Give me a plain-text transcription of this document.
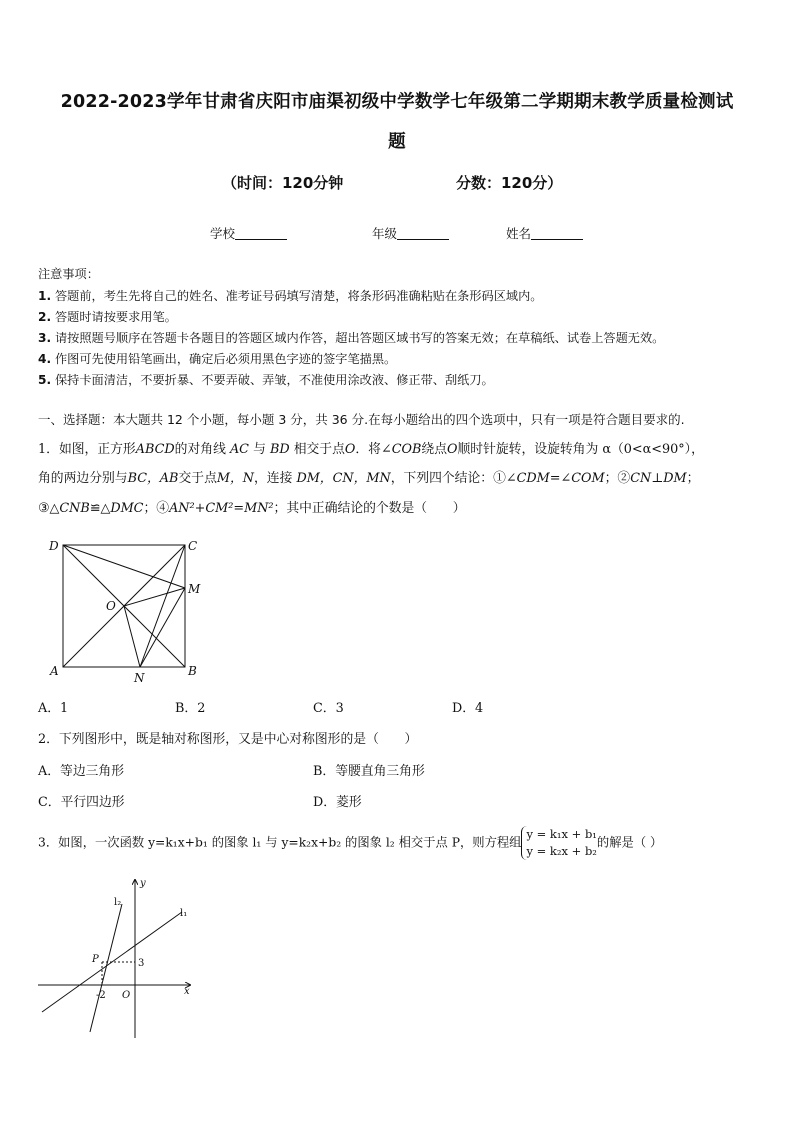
2022-2023学年甘肃省庆阳市庙渠初级中学数学七年级第二学期期末教学质量检测试
题
（时间：120分钟	分数：120分）
学校	年级	姓名
注意事项：
1. 答题前，考生先将自己的姓名、准考证号码填写清楚，将条形码准确粘贴在条形码区域内。
2. 答题时请按要求用笔。
3. 请按照题号顺序在答题卡各题目的答题区域内作答，超出答题区域书写的答案无效；在草稿纸、试卷上答题无效。
4. 作图可先使用铅笔画出，确定后必须用黑色字迹的签字笔描黑。
5. 保持卡面清洁，不要折暴、不要弄破、弄皱，不准使用涂改液、修正带、刮纸刀。
一、选择题：本大题共 12 个小题，每小题 3 分，共 36 分.在每小题给出的四个选项中，只有一项是符合题目要求的.
1．如图，正方形ABCD的对角线 AC 与 BD 相交于点O．将∠COB绕点O顺时针旋转，设旋转角为 α（0<α<90°），
角的两边分别与BC，AB交于点M，N，连接 DM，CN，MN，下列四个结论：①∠CDM=∠COM；②CN⊥DM；
③△CNB≌△DMC；④AN²+CM²=MN²；其中正确结论的个数是（　　）
D	C
M
O
A	N	B
A．1	B．2	C．3	D．4
2．下列图形中，既是轴对称图形，又是中心对称图形的是（　　）
A．等边三角形	B．等腰直角三角形
C．平行四边形	D．菱形
3．如图，一次函数 y=k₁x+b₁ 的图象 l₁ 与 y=k₂x+b₂ 的图象 l₂ 相交于点 P，则方程组
y = k₁x + b₁
y = k₂x + b₂
的解是（ ）
l₂
l₁
y
x
P	3
-2 O
